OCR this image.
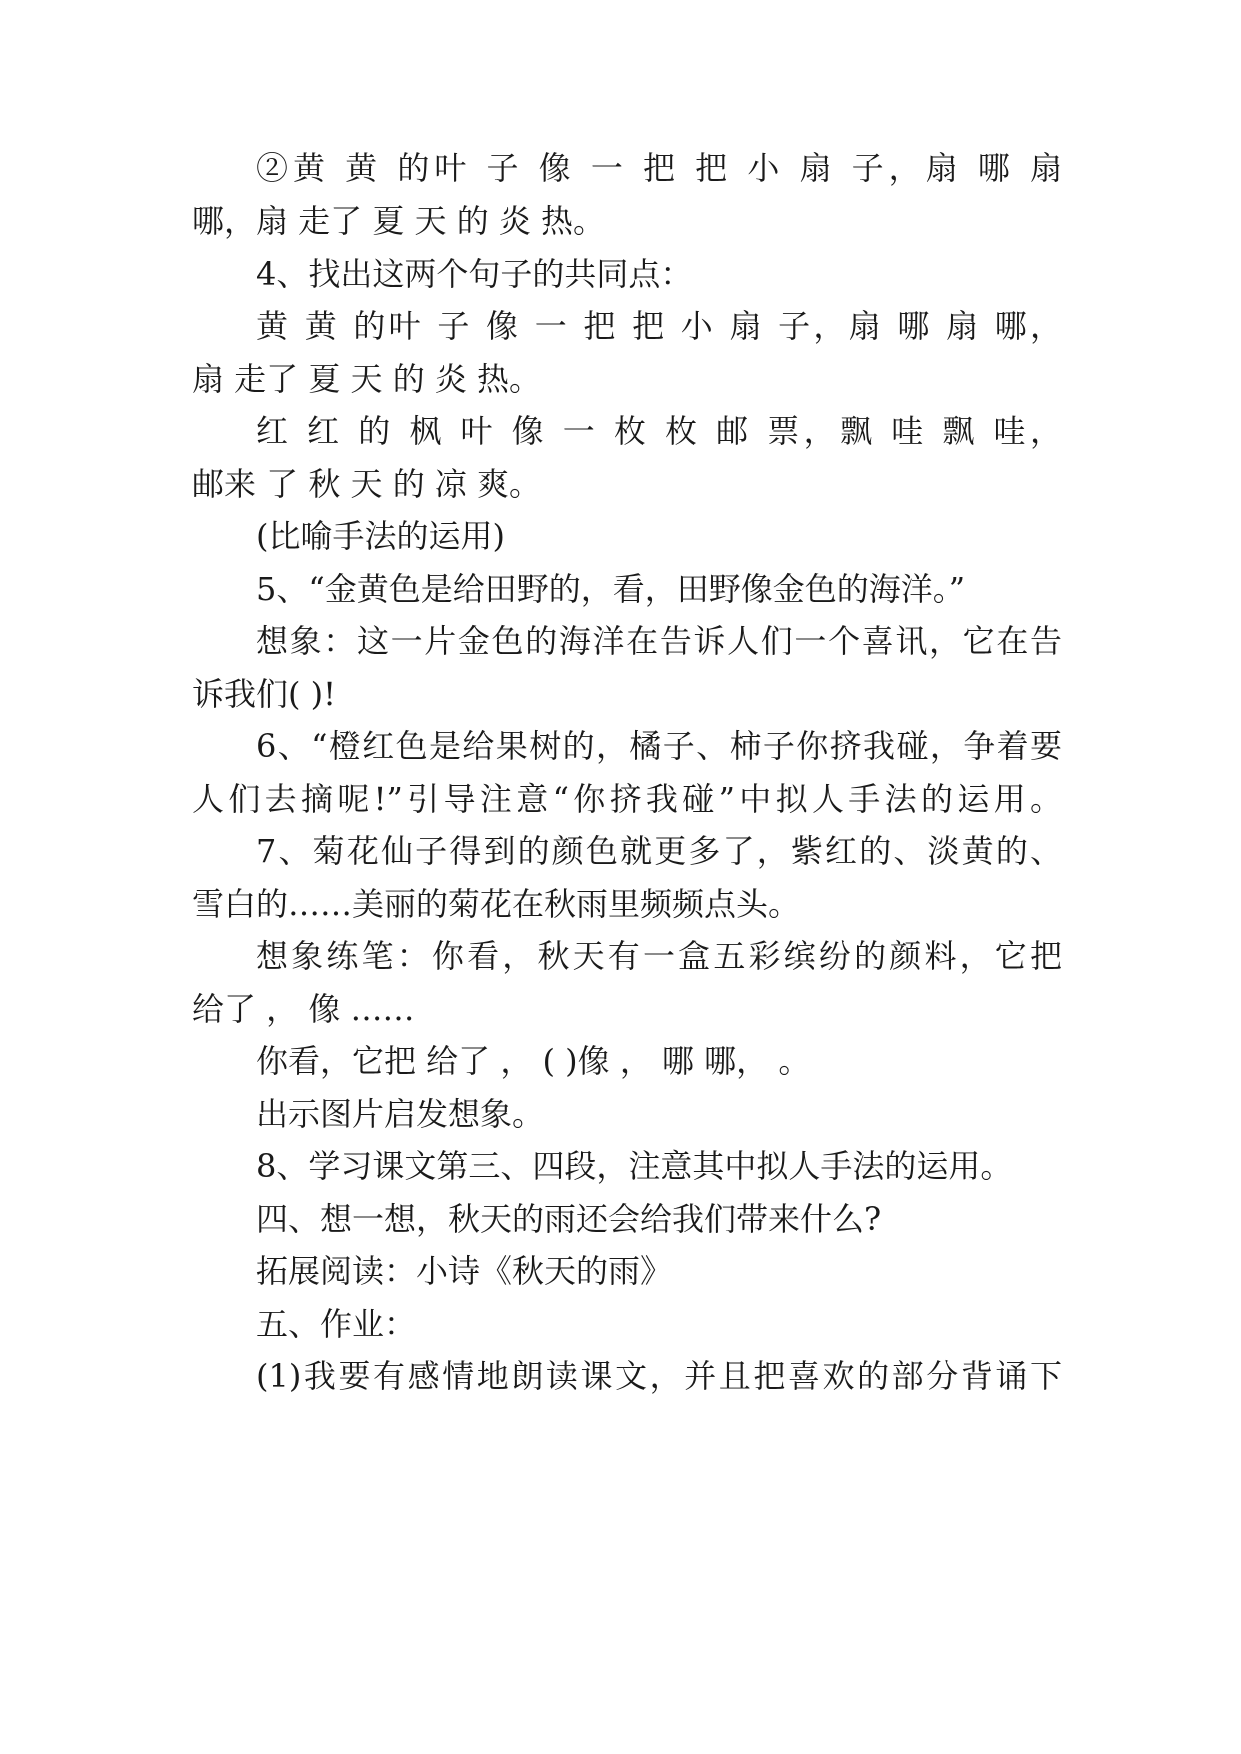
②黄 黄 的叶 子 像 一 把 把 小 扇 子，扇 哪 扇
哪，扇 走了 夏 天 的 炎 热。
4、找出这两个句子的共同点：
黄 黄 的叶 子 像 一 把 把 小 扇 子，扇 哪 扇 哪，
扇 走了 夏 天 的 炎 热。
红 红 的 枫 叶 像 一 枚 枚 邮 票，飘 哇 飘 哇，
邮来 了 秋 天 的 凉 爽。
(比喻手法的运用)
5、“金黄色是给田野的，看，田野像金色的海洋。”
想象：这一片金色的海洋在告诉人们一个喜讯，它在告
诉我们( )!
6、“橙红色是给果树的，橘子、柿子你挤我碰，争着要
人们去摘呢!”引导注意“你挤我碰”中拟人手法的运用。
7、菊花仙子得到的颜色就更多了，紫红的、淡黄的、
雪白的……美丽的菊花在秋雨里频频点头。
想象练笔：你看，秋天有一盒五彩缤纷的颜料，它把
给了 ， 像 ……
你看，它把 给了 ， ( )像 ， 哪 哪， 。
出示图片启发想象。
8、学习课文第三、四段，注意其中拟人手法的运用。
四、想一想，秋天的雨还会给我们带来什么?
拓展阅读：小诗《秋天的雨》
五、作业：
(1)我要有感情地朗读课文，并且把喜欢的部分背诵下
